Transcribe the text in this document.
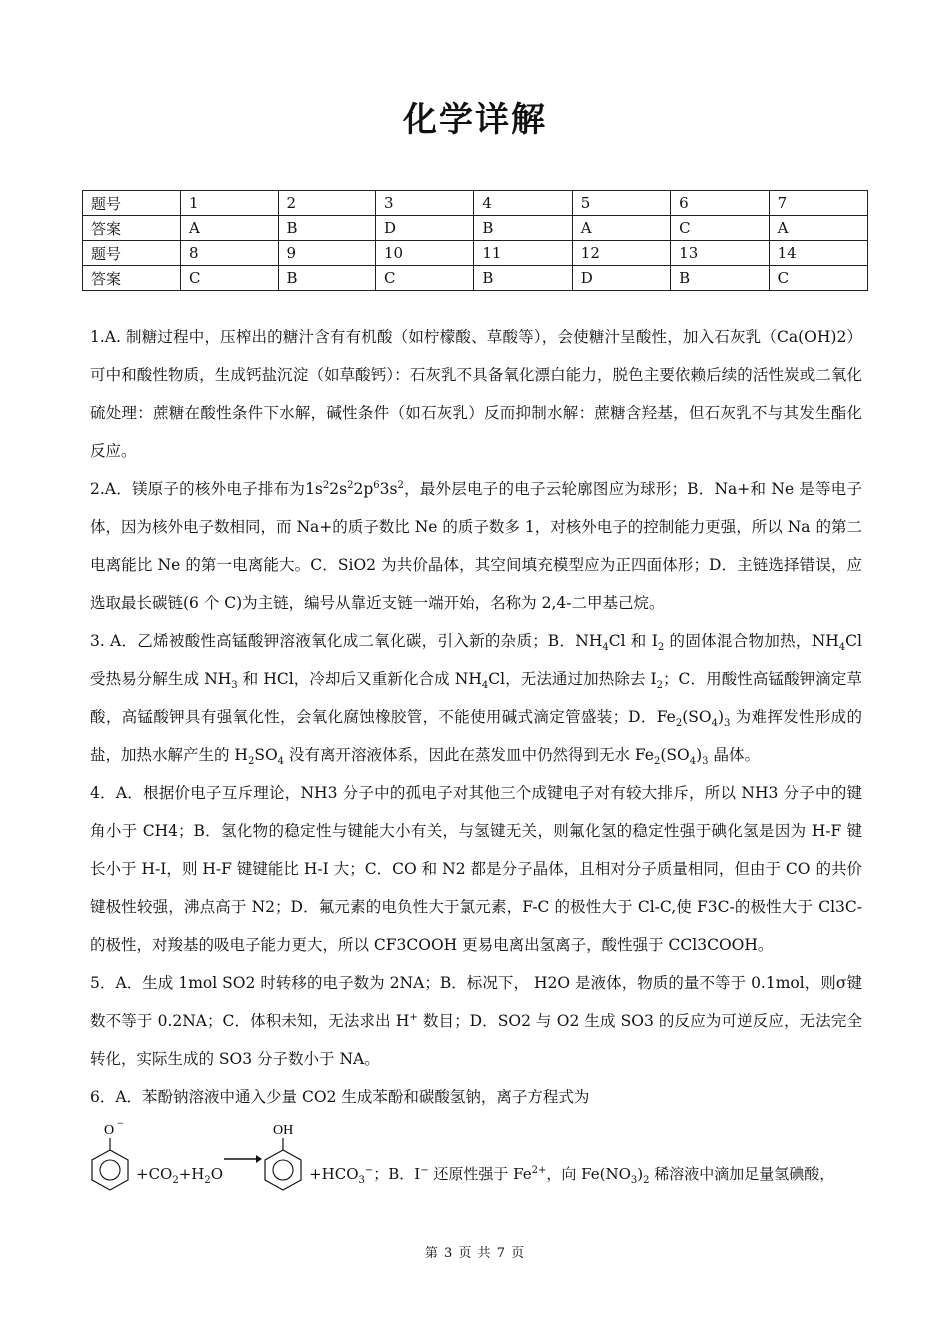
化学详解
题号	1	2	3	4	5	6	7
答案	A	B	D	B	A	C	A
题号	8	9	10	11	12	13	14
答案	C	B	C	B	D	B	C

1.A. 制糖过程中，压榨出的糖汁含有有机酸（如柠檬酸、草酸等），会使糖汁呈酸性，加入石灰乳（Ca(OH)2）可中和酸性物质，生成钙盐沉淀（如草酸钙）：石灰乳不具备氧化漂白能力，脱色主要依赖后续的活性炭或二氧化硫处理：蔗糖在酸性条件下水解，碱性条件（如石灰乳）反而抑制水解：蔗糖含羟基，但石灰乳不与其发生酯化反应。

2.A．镁原子的核外电子排布为$1s^22s^22p^63s^2$，最外层电子的电子云轮廓图应为球形；B．Na+和 Ne 是等电子体，因为核外电子数相同，而 Na+的质子数比 Ne 的质子数多 1，对核外电子的控制能力更强，所以 Na 的第二电离能比 Ne 的第一电离能大。C．SiO2 为共价晶体，其空间填充模型应为正四面体形；D．主链选择错误，应选取最长碳链(6 个 C)为主链，编号从靠近支链一端开始，名称为 2,4-二甲基己烷。

3. A．乙烯被酸性高锰酸钾溶液氧化成二氧化碳，引入新的杂质；B．$NH_4Cl$ 和 $I_2$ 的固体混合物加热，$NH_4Cl$ 受热易分解生成 $NH_3$ 和 HCl，冷却后又重新化合成 $NH_4Cl$，无法通过加热除去 $I_2$；C．用酸性高锰酸钾滴定草酸，高锰酸钾具有强氧化性，会氧化腐蚀橡胶管，不能使用碱式滴定管盛装；D．$Fe_2(SO_4)_3$ 为难挥发性形成的盐，加热水解产生的 $H_2SO_4$ 没有离开溶液体系，因此在蒸发皿中仍然得到无水 $Fe_2(SO_4)_3$ 晶体。

4．A．根据价电子互斥理论，NH3 分子中的孤电子对其他三个成键电子对有较大排斥，所以 NH3 分子中的键角小于 CH4；B．氢化物的稳定性与键能大小有关，与氢键无关，则氟化氢的稳定性强于碘化氢是因为 H-F 键长小于 H-I，则 H-F 键键能比 H-I 大；C．CO 和 N2 都是分子晶体，且相对分子质量相同，但由于 CO 的共价键极性较强，沸点高于 N2；D．氟元素的电负性大于氯元素，F-C 的极性大于 Cl-C,使 F3C-的极性大于 Cl3C-的极性，对羧基的吸电子能力更大，所以 CF3COOH 更易电离出氢离子，酸性强于 CCl3COOH。

5．A．生成 1mol SO2 时转移的电子数为 2NA；B．标况下， H2O 是液体，物质的量不等于 0.1mol，则σ键数不等于 0.2NA；C．体积未知，无法求出 H+ 数目；D．SO2 与 O2 生成 SO3 的反应为可逆反应，无法完全转化，实际生成的 SO3 分子数小于 NA。

6．A．苯酚钠溶液中通入少量 CO2 生成苯酚和碳酸氢钠，离子方程式为

O −
$+CO_2+H_2O$
OH
$+HCO_3^-$；B．I− 还原性强于 $Fe^{2+}$，向 $Fe(NO_3)_2$ 稀溶液中滴加足量氢碘酸，
第 3 页 共 7 页
